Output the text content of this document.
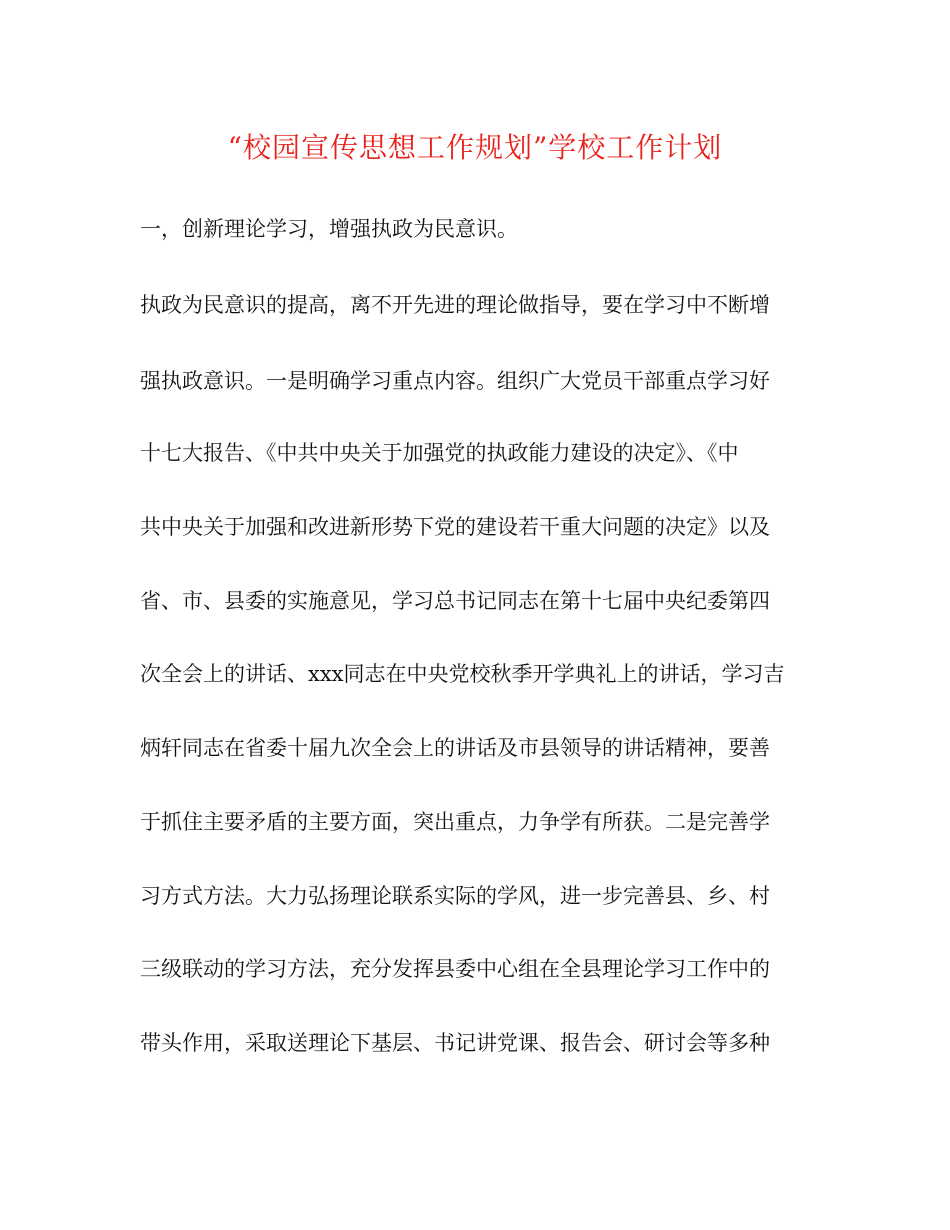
“校园宣传思想工作规划”学校工作计划
一，创新理论学习，增强执政为民意识。
执政为民意识的提高，离不开先进的理论做指导，要在学习中不断增
强执政意识。一是明确学习重点内容。组织广大党员干部重点学习好
十七大报告、《中共中央关于加强党的执政能力建设的决定》、《中
共中央关于加强和改进新形势下党的建设若干重大问题的决定》以及
省、市、县委的实施意见，学习总书记同志在第十七届中央纪委第四
次全会上的讲话、xxx同志在中央党校秋季开学典礼上的讲话，学习吉
炳轩同志在省委十届九次全会上的讲话及市县领导的讲话精神，要善
于抓住主要矛盾的主要方面，突出重点，力争学有所获。二是完善学
习方式方法。大力弘扬理论联系实际的学风，进一步完善县、乡、村
三级联动的学习方法，充分发挥县委中心组在全县理论学习工作中的
带头作用，采取送理论下基层、书记讲党课、报告会、研讨会等多种
